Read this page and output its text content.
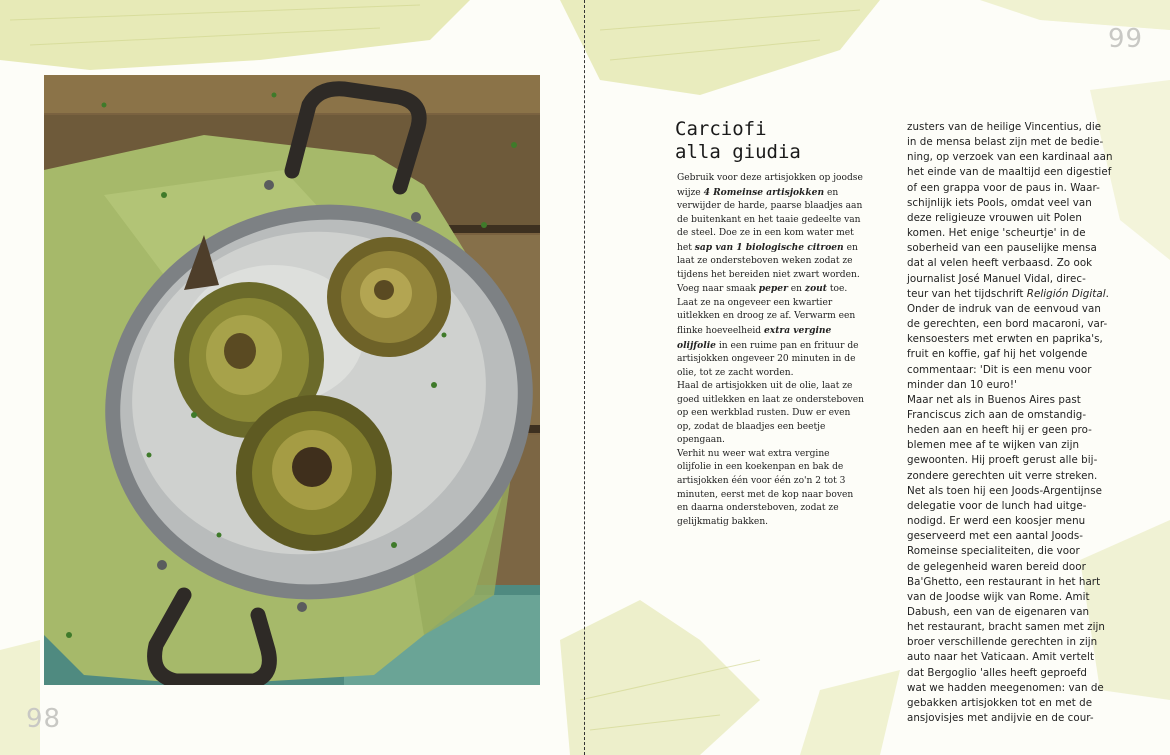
98
99
Carciofi
alla giudia

Gebruik voor deze artisjokken op joodse wijze 4 Romeinse artisjokken en verwijder de harde, paarse blaadjes aan de buitenkant en het taaie gedeelte van de steel. Doe ze in een kom water met het sap van 1 biologische citroen en laat ze ondersteboven weken zodat ze tijdens het bereiden niet zwart worden. Voeg naar smaak peper en zout toe.

Laat ze na ongeveer een kwartier uitlekken en droog ze af. Verwarm een flinke hoeveelheid extra vergine olijfolie in een ruime pan en frituur de artisjokken ongeveer 20 minuten in de olie, tot ze zacht worden.

Haal de artisjokken uit de olie, laat ze goed uitlekken en laat ze ondersteboven op een werkblad rusten. Duw er even op, zodat de blaadjes een beetje opengaan.

Verhit nu weer wat extra vergine olijfolie in een koekenpan en bak de artisjokken één voor één zo'n 2 tot 3 minuten, eerst met de kop naar boven en daarna ondersteboven, zodat ze gelijkmatig bakken.

zusters van de heilige Vincentius, die
in de mensa belast zijn met de bedie-
ning, op verzoek van een kardinaal aan
het einde van de maaltijd een digestief
of een grappa voor de paus in. Waar-
schijnlijk iets Pools, omdat veel van
deze religieuze vrouwen uit Polen
komen. Het enige 'scheurtje' in de
soberheid van een pauselijke mensa
dat al velen heeft verbaasd. Zo ook
journalist José Manuel Vidal, direc-
teur van het tijdschrift Religión Digital.
Onder de indruk van de eenvoud van
de gerechten, een bord macaroni, var-
kensoesters met erwten en paprika's,
fruit en koffie, gaf hij het volgende
commentaar: 'Dit is een menu voor
minder dan 10 euro!'
Maar net als in Buenos Aires past
Franciscus zich aan de omstandig-
heden aan en heeft hij er geen pro-
blemen mee af te wijken van zijn
gewoonten. Hij proeft gerust alle bij-
zondere gerechten uit verre streken.
Net als toen hij een Joods-Argentijnse
delegatie voor de lunch had uitge-
nodigd. Er werd een koosjer menu
geserveerd met een aantal Joods-
Romeinse specialiteiten, die voor
de gelegenheid waren bereid door
Ba'Ghetto, een restaurant in het hart
van de Joodse wijk van Rome. Amit
Dabush, een van de eigenaren van
het restaurant, bracht samen met zijn
broer verschillende gerechten in zijn
auto naar het Vaticaan. Amit vertelt
dat Bergoglio 'alles heeft geproefd
wat we hadden meegenomen: van de
gebakken artisjokken tot en met de
ansjovisjes met andijvie en de cour-
